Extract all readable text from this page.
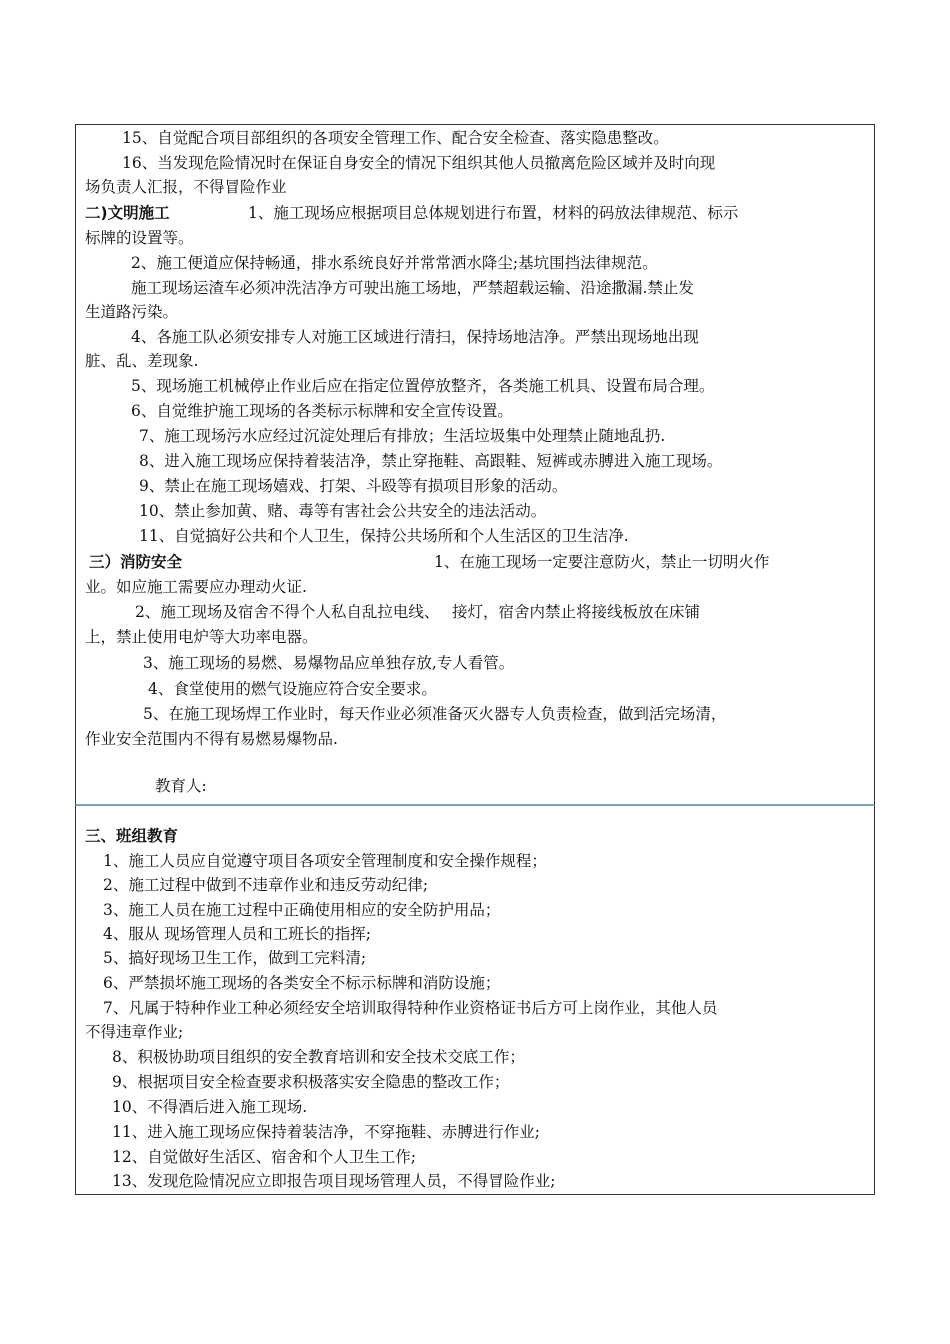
15、自觉配合项目部组织的各项安全管理工作、配合安全检查、落实隐患整改。
16、当发现危险情况时在保证自身安全的情况下组织其他人员撤离危险区域并及时向现
场负责人汇报，不得冒险作业
二)文明施工	1、施工现场应根据项目总体规划进行布置，材料的码放法律规范、标示
标牌的设置等。
2、施工便道应保持畅通，排水系统良好并常常洒水降尘;基坑围挡法律规范。
施工现场运渣车必须冲洗洁净方可驶出施工场地，严禁超载运输、沿途撒漏.禁止发
生道路污染。
4、各施工队必须安排专人对施工区域进行清扫，保持场地洁净。严禁出现场地出现
脏、乱、差现象.
5、现场施工机械停止作业后应在指定位置停放整齐，各类施工机具、设置布局合理。
6、自觉维护施工现场的各类标示标牌和安全宣传设置。
7、施工现场污水应经过沉淀处理后有排放；生活垃圾集中处理禁止随地乱扔.
8、进入施工现场应保持着装洁净，禁止穿拖鞋、高跟鞋、短裤或赤膊进入施工现场。
9、禁止在施工现场嬉戏、打架、斗殴等有损项目形象的活动。
10、禁止参加黄、赌、毒等有害社会公共安全的违法活动。
11、自觉搞好公共和个人卫生，保持公共场所和个人生活区的卫生洁净.
三）消防安全	1、在施工现场一定要注意防火，禁止一切明火作
业。如应施工需要应办理动火证.
2、施工现场及宿舍不得个人私自乱拉电线、　 接灯，宿舍内禁止将接线板放在床铺
上，禁止使用电炉等大功率电器。
3、施工现场的易燃、易爆物品应单独存放,专人看管。
4、食堂使用的燃气设施应符合安全要求。
5、在施工现场焊工作业时，每天作业必须准备灭火器专人负责检查，做到活完场清，
作业安全范围内不得有易燃易爆物品.
教育人:
三、班组教育
1、施工人员应自觉遵守项目各项安全管理制度和安全操作规程；
2、施工过程中做到不违章作业和违反劳动纪律;
3、施工人员在施工过程中正确使用相应的安全防护用品；
4、服从 现场管理人员和工班长的指挥;
5、搞好现场卫生工作，做到工完料清;
6、严禁损坏施工现场的各类安全不标示标牌和消防设施；
7、凡属于特种作业工种必须经安全培训取得特种作业资格证书后方可上岗作业，其他人员
不得违章作业;
8、积极协助项目组织的安全教育培训和安全技术交底工作；
9、根据项目安全检查要求积极落实安全隐患的整改工作；
10、不得酒后进入施工现场.
11、进入施工现场应保持着装洁净，不穿拖鞋、赤膊进行作业;
12、自觉做好生活区、宿舍和个人卫生工作;
13、发现危险情况应立即报告项目现场管理人员，不得冒险作业;
